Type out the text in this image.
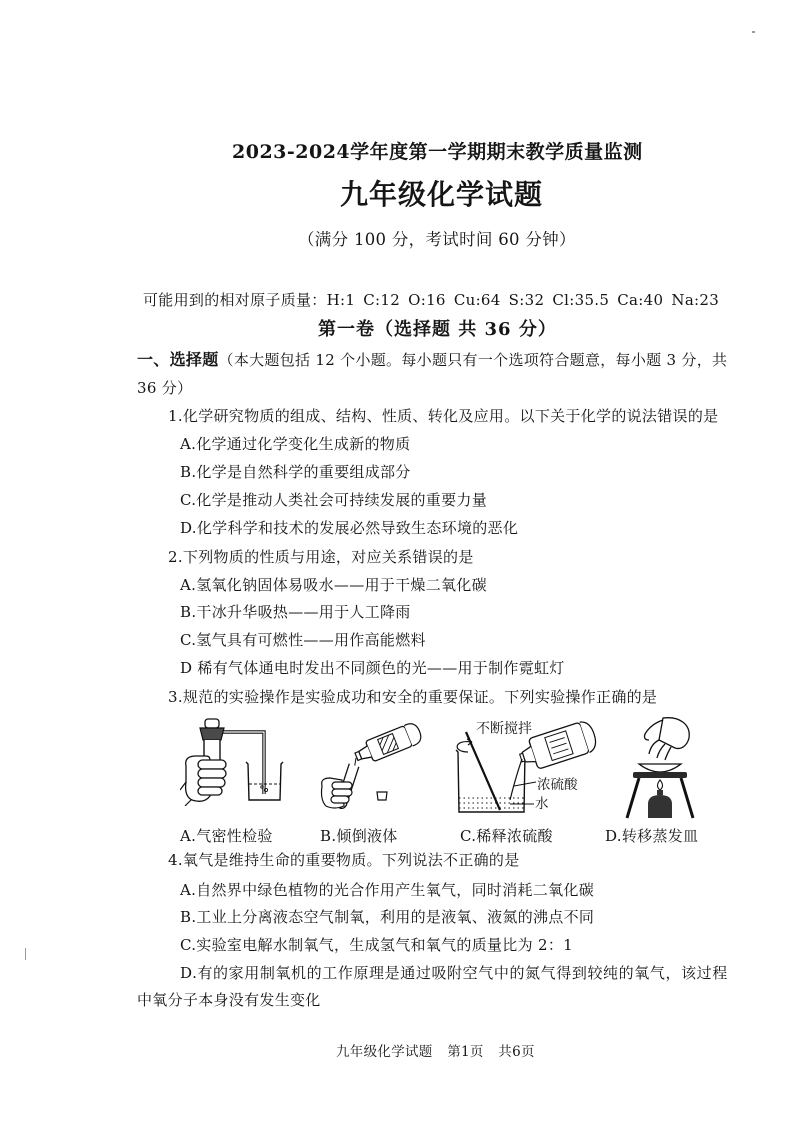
2023-2024学年度第一学期期末教学质量监测
九年级化学试题
（满分 100 分，考试时间 60 分钟）
可能用到的相对原子质量：H:1 C:12 O:16 Cu:64 S:32 Cl:35.5 Ca:40 Na:23
第一卷（选择题 共 36 分）
一、选择题（本大题包括 12 个小题。每小题只有一个选项符合题意，每小题 3 分，共
36 分）
1.化学研究物质的组成、结构、性质、转化及应用。以下关于化学的说法错误的是
A.化学通过化学变化生成新的物质
B.化学是自然科学的重要组成部分
C.化学是推动人类社会可持续发展的重要力量
D.化学科学和技术的发展必然导致生态环境的恶化
2.下列物质的性质与用途，对应关系错误的是
A.氢氧化钠固体易吸水——用于干燥二氧化碳
B.干冰升华吸热——用于人工降雨
C.氢气具有可燃性——用作高能燃料
D 稀有气体通电时发出不同颜色的光——用于制作霓虹灯
3.规范的实验操作是实验成功和安全的重要保证。下列实验操作正确的是
不断搅拌
浓硫酸
水
A.气密性检验	B.倾倒液体	C.稀释浓硫酸	D.转移蒸发皿
4.氧气是维持生命的重要物质。下列说法不正确的是
A.自然界中绿色植物的光合作用产生氧气，同时消耗二氧化碳
B.工业上分离液态空气制氧，利用的是液氧、液氮的沸点不同
C.实验室电解水制氧气，生成氢气和氧气的质量比为 2：1
D.有的家用制氧机的工作原理是通过吸附空气中的氮气得到较纯的氧气，该过程
中氧分子本身没有发生变化
九年级化学试题 第1页 共6页
